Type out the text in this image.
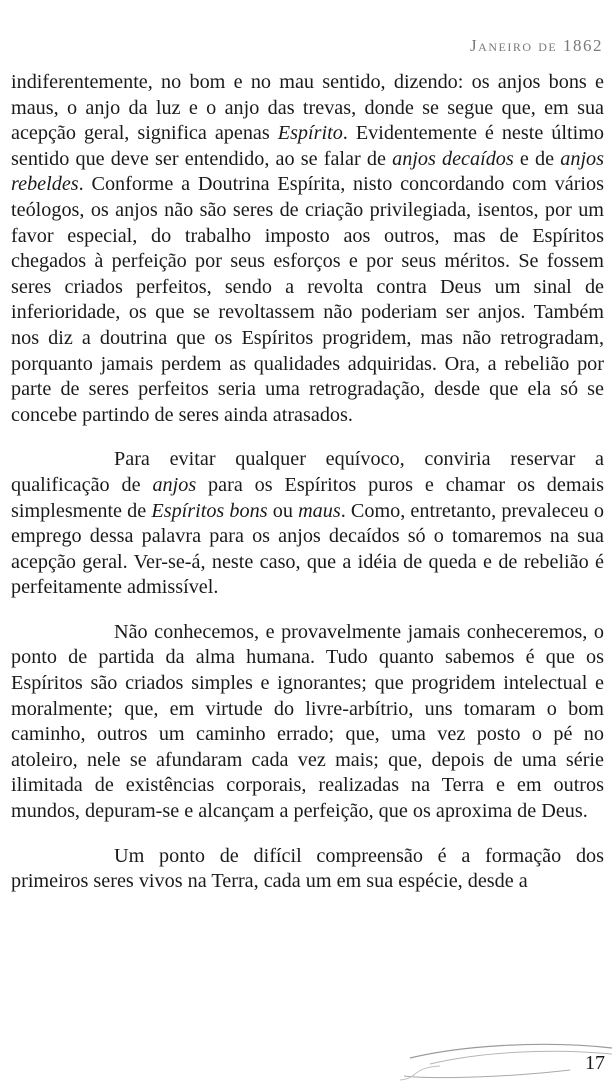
Janeiro de 1862

indiferentemente, no bom e no mau sentido, dizendo: os anjos bons e maus, o anjo da luz e o anjo das trevas, donde se segue que, em sua acepção geral, significa apenas Espírito. Evidentemente é neste último sentido que deve ser entendido, ao se falar de anjos decaídos e de anjos rebeldes. Conforme a Doutrina Espírita, nisto concordando com vários teólogos, os anjos não são seres de criação privilegiada, isentos, por um favor especial, do trabalho imposto aos outros, mas de Espíritos chegados à perfeição por seus esforços e por seus méritos. Se fossem seres criados perfeitos, sendo a revolta contra Deus um sinal de inferioridade, os que se revoltassem não poderiam ser anjos. Também nos diz a doutrina que os Espíritos progridem, mas não retrogradam, porquanto jamais perdem as qualidades adquiridas. Ora, a rebelião por parte de seres perfeitos seria uma retrogradação, desde que ela só se concebe partindo de seres ainda atrasados.

Para evitar qualquer equívoco, conviria reservar a qualificação de anjos para os Espíritos puros e chamar os demais simplesmente de Espíritos bons ou maus. Como, entretanto, prevaleceu o emprego dessa palavra para os anjos decaídos só o tomaremos na sua acepção geral. Ver-se-á, neste caso, que a idéia de queda e de rebelião é perfeitamente admissível.

Não conhecemos, e provavelmente jamais conheceremos, o ponto de partida da alma humana. Tudo quanto sabemos é que os Espíritos são criados simples e ignorantes; que progridem intelectual e moralmente; que, em virtude do livre-arbítrio, uns tomaram o bom caminho, outros um caminho errado; que, uma vez posto o pé no atoleiro, nele se afundaram cada vez mais; que, depois de uma série ilimitada de existências corporais, realizadas na Terra e em outros mundos, depuram-se e alcançam a perfeição, que os aproxima de Deus.

Um ponto de difícil compreensão é a formação dos primeiros seres vivos na Terra, cada um em sua espécie, desde a

17
